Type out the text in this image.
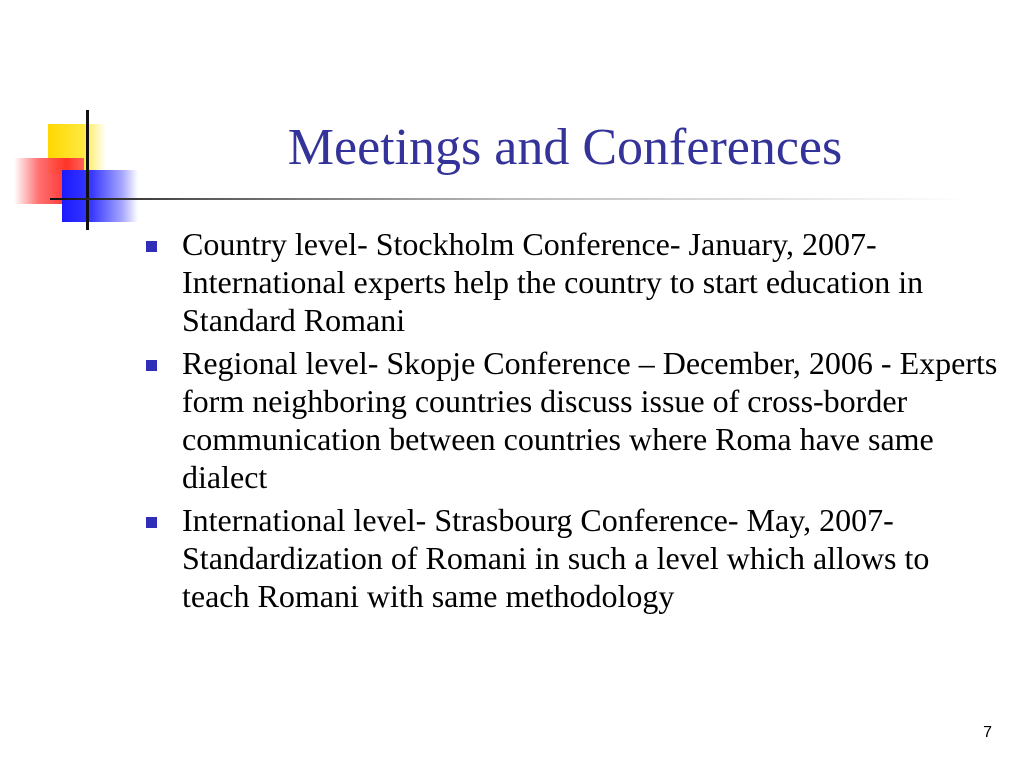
Meetings and Conferences
Country level- Stockholm Conference- January, 2007- International experts help the country to start education in Standard Romani
Regional level- Skopje Conference – December, 2006 - Experts form neighboring countries discuss issue of cross-border communication between countries where Roma have same dialect
International level- Strasbourg Conference- May, 2007-Standardization of Romani in such a level which allows to teach Romani with same methodology
7
